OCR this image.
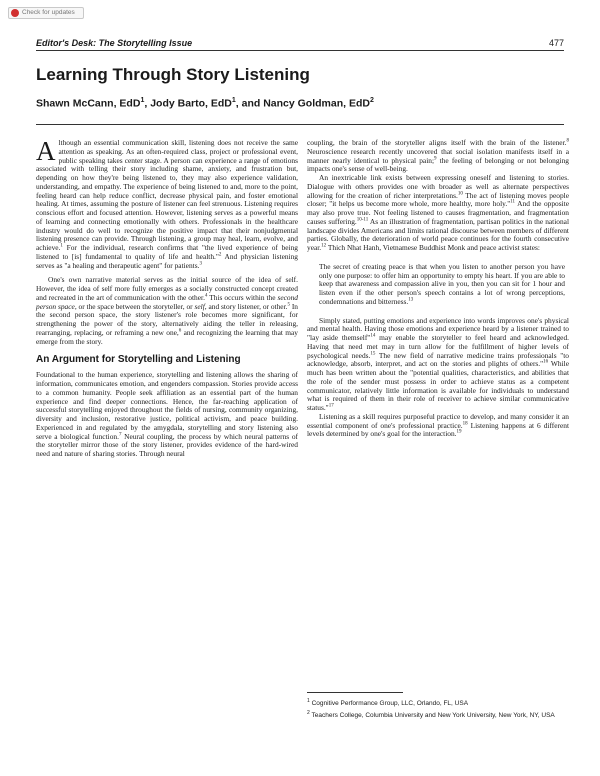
Check for updates
Editor's Desk: The Storytelling Issue	477
Learning Through Story Listening
Shawn McCann, EdD$^1$, Jody Barto, EdD$^1$, and Nancy Goldman, EdD$^2$

Although an essential communication skill, listening does not receive the same attention as speaking. As an often-required class, project or professional event, public speaking takes center stage. A person can experience a range of emotions associated with telling their story including shame, anxiety, and frustration but, depending on how they're being listened to, they may also experience validation, understanding, and empathy. The experience of being listened to and, more to the point, feeling heard can help reduce conflict, decrease physical pain, and foster emotional healing. At times, assuming the posture of listener can feel strenuous. Listening requires conscious effort and focused attention. However, listening serves as a powerful means of learning and connecting emotionally with others. Professionals in the healthcare industry would do well to recognize the positive impact that their nonjudgmental listening presence can provide. Through listening, a group may heal, learn, evolve, and achieve.$^1$ For the individual, research confirms that "the lived experience of being listened to [is] fundamental to quality of life and health."$^2$ And physician listening serves as "a healing and therapeutic agent" for patients.$^3$

One's own narrative material serves as the initial source of the idea of self. However, the idea of self more fully emerges as a socially constructed concept created and recreated in the art of communication with the other.$^4$ This occurs within the second person space, or the space between the storyteller, or self, and story listener, or other.$^5$ In the second person space, the story listener's role becomes more significant, for strengthening the power of the story, alternatively aiding the teller in releasing, rearranging, replacing, or reframing a new one,$^6$ and recognizing the learning that may emerge from the story.

An Argument for Storytelling and Listening

Foundational to the human experience, storytelling and listening allows the sharing of information, communicates emotion, and engenders compassion. Stories provide access to a common humanity. People seek affiliation as an essential part of the human experience and find deeper connections. Hence, the far-reaching application of successful storytelling enjoyed throughout the fields of nursing, community organizing, diversity and inclusion, restorative justice, political activism, and peace building. Experienced in and regulated by the amygdala, storytelling and story listening also serve a biological function.$^7$ Neural coupling, the process by which neural patterns of the storyteller mirror those of the story listener, provides evidence of the hard-wired need and nature of sharing stories. Through neural

coupling, the brain of the storyteller aligns itself with the brain of the listener.$^8$ Neuroscience research recently uncovered that social isolation manifests itself in a manner nearly identical to physical pain;$^9$ the feeling of belonging or not belonging impacts one's sense of well-being.

An inextricable link exists between expressing oneself and listening to stories. Dialogue with others provides one with broader as well as alternate perspectives allowing for the creation of richer interpretations.$^{10}$ The act of listening moves people closer; "it helps us become more whole, more healthy, more holy."$^{11}$ And the opposite may also prove true. Not feeling listened to causes fragmentation, and fragmentation causes suffering.$^{10-11}$ As an illustration of fragmentation, partisan politics in the national landscape divides Americans and limits rational discourse between members of different parties. Globally, the deterioration of world peace continues for the fourth consecutive year.$^{12}$ Thich Nhat Hanh, Vietnamese Buddhist Monk and peace activist states:

The secret of creating peace is that when you listen to another person you have only one purpose: to offer him an opportunity to empty his heart. If you are able to keep that awareness and compassion alive in you, then you can sit for 1 hour and listen even if the other person's speech contains a lot of wrong perceptions, condemnations and bitterness.$^{13}$

Simply stated, putting emotions and experience into words improves one's physical and mental health. Having those emotions and experience heard by a listener trained to "lay aside themself"$^{14}$ may enable the storyteller to feel heard and acknowledged. Having that need met may in turn allow for the fulfillment of higher levels of psychological needs.$^{15}$ The new field of narrative medicine trains professionals "to acknowledge, absorb, interpret, and act on the stories and plights of others."$^{16}$ While much has been written about the "potential qualities, characteristics, and abilities that the role of the sender must possess in order to achieve status as a competent communicator, relatively little information is available for individuals to understand what is required of them in their role of receiver to achieve similar communicative status."$^{17}$

Listening as a skill requires purposeful practice to develop, and many consider it an essential component of one's professional practice.$^{18}$ Listening happens at 6 different levels determined by one's goal for the interaction.$^{19}$

$^1$ Cognitive Performance Group, LLC, Orlando, FL, USA
$^2$ Teachers College, Columbia University and New York University, New York, NY, USA
